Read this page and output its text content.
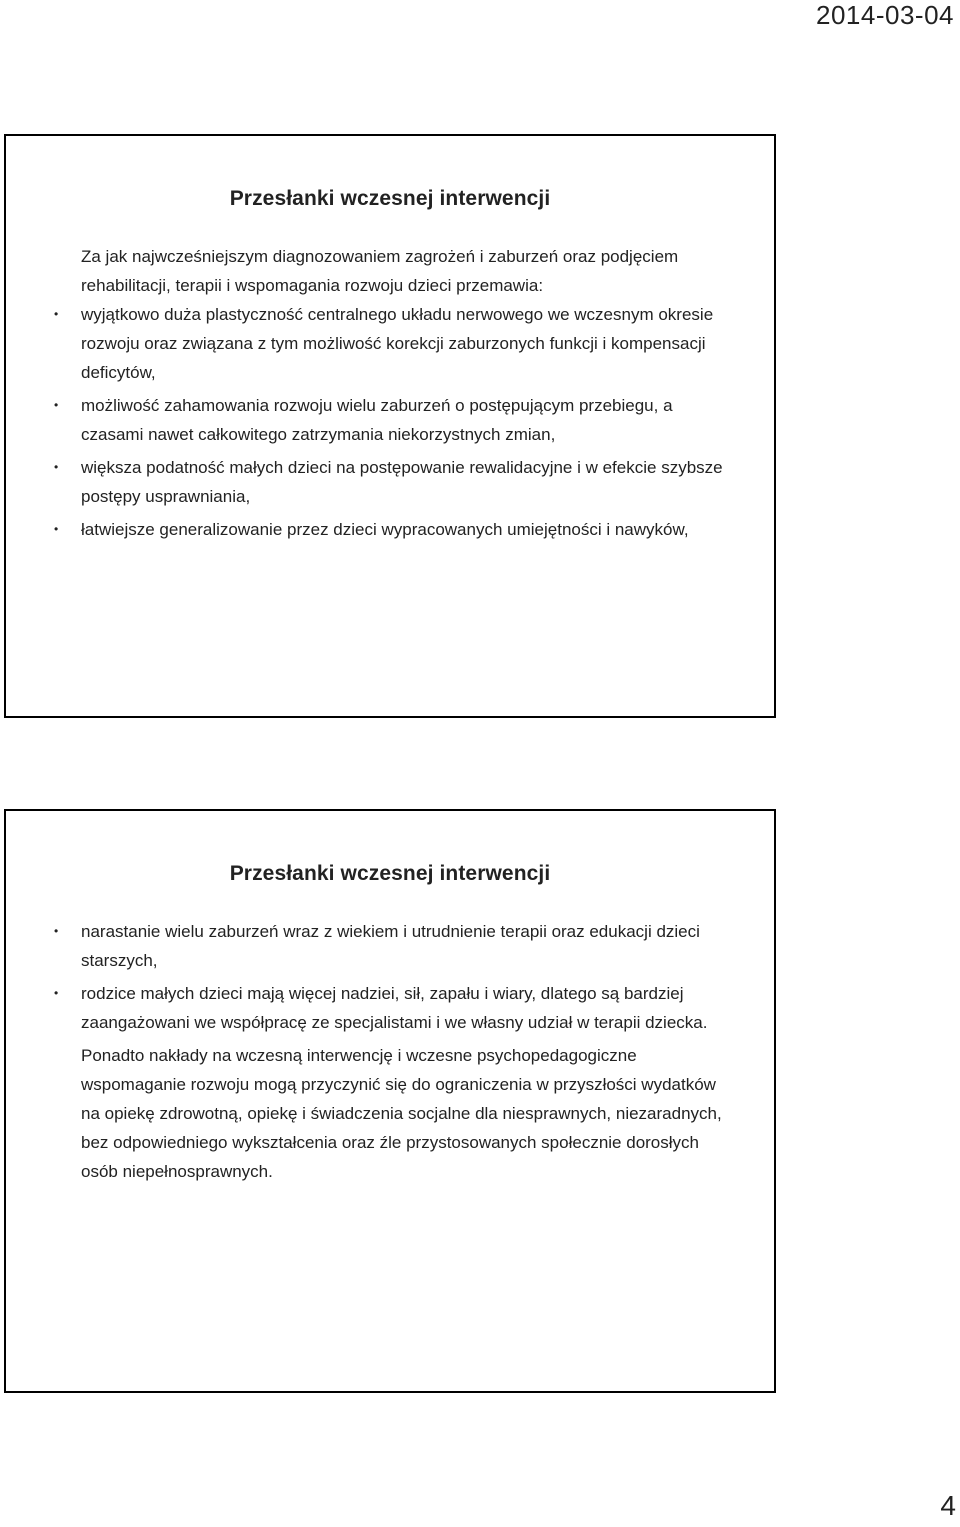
2014-03-04
Przesłanki wczesnej interwencji

Za jak najwcześniejszym diagnozowaniem zagrożeń i zaburzeń oraz podjęciem rehabilitacji, terapii i wspomagania rozwoju dzieci przemawia:

• wyjątkowo duża plastyczność centralnego układu nerwowego we wczesnym okresie rozwoju oraz związana z tym możliwość korekcji zaburzonych funkcji i kompensacji deficytów,
• możliwość zahamowania rozwoju wielu zaburzeń o postępującym przebiegu, a czasami nawet całkowitego zatrzymania niekorzystnych zmian,
• większa podatność małych dzieci na postępowanie rewalidacyjne i w efekcie szybsze postępy usprawniania,
• łatwiejsze generalizowanie przez dzieci wypracowanych umiejętności i nawyków,
Przesłanki wczesnej interwencji
• narastanie wielu zaburzeń wraz z wiekiem i utrudnienie terapii oraz edukacji dzieci starszych,
• rodzice małych dzieci mają więcej nadziei, sił, zapału i wiary, dlatego są bardziej zaangażowani we współpracę ze specjalistami i we własny udział w terapii dziecka.

Ponadto nakłady na wczesną interwencję i wczesne psychopedagogiczne wspomaganie rozwoju mogą przyczynić się do ograniczenia w przyszłości wydatków na opiekę zdrowotną, opiekę i świadczenia socjalne dla niesprawnych, niezaradnych, bez odpowiedniego wykształcenia oraz źle przystosowanych społecznie dorosłych osób niepełnosprawnych.

4
